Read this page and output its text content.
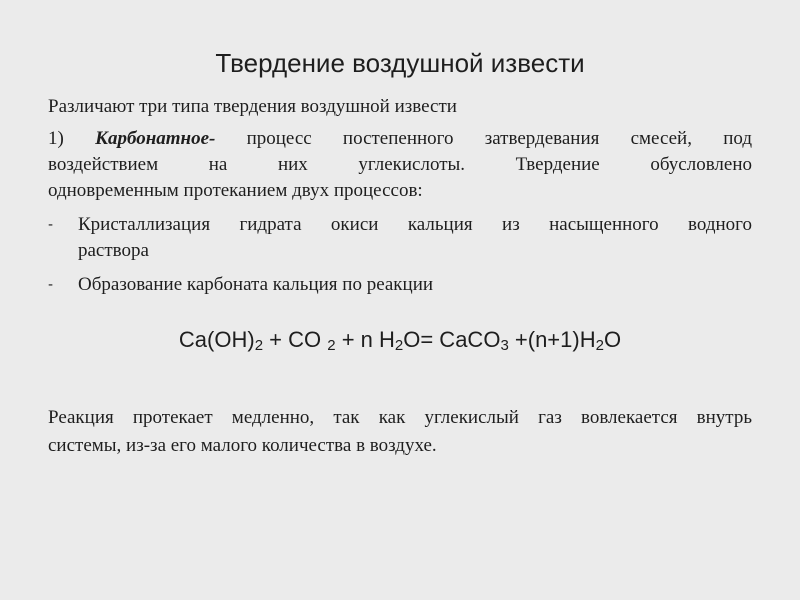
Твердение воздушной извести

Различают три типа твердения воздушной извести

1) Карбонатное- процесс постепенного затвердевания смесей, под

воздействием на них углекислоты. Твердение обусловлено

одновременным протеканием двух процессов:

-	Кристаллизация гидрата окиси кальция из насыщенного водного
раствора
-	Образование карбоната кальция по реакции
$Ca(OH)_2$ + CO $_2$ + n $H_2O=$ CaCO$_3$ $+(n+1)H_2O$
Реакция протекает медленно, так как углекислый газ вовлекается внутрь
системы, из-за его малого количества в воздухе.
